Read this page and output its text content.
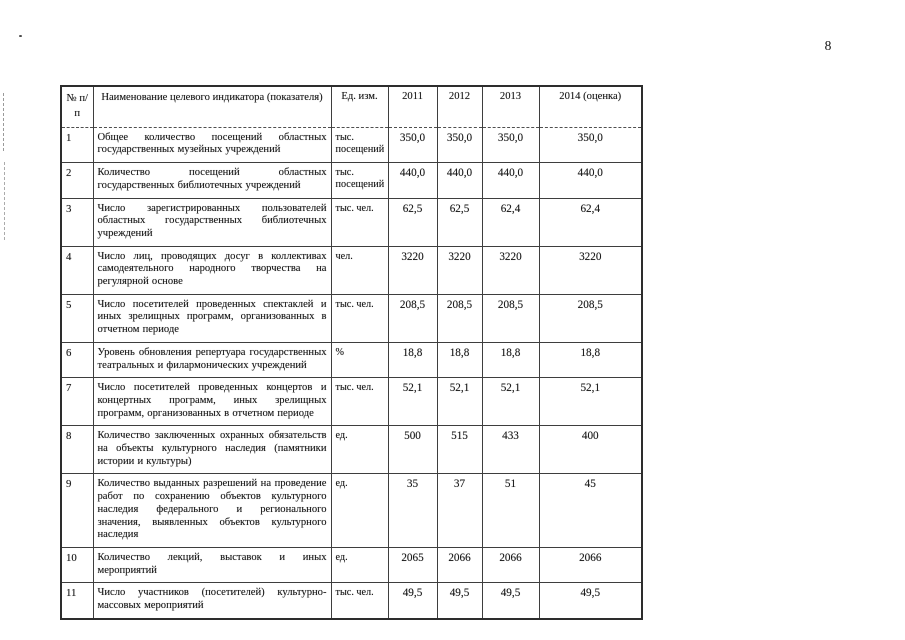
8
№ п/п	Наименование целевого индикатора (показателя)	Ед. изм.	2011	2012	2013	2014 (оценка)
1	Общее количество посещений областных государственных музейных учреждений	тыс. посещений	350,0	350,0	350,0	350,0
2	Количество посещений областных государственных библиотечных учреждений	тыс. посещений	440,0	440,0	440,0	440,0
3	Число зарегистрированных пользователей областных государственных библиотечных учреждений	тыс. чел.	62,5	62,5	62,4	62,4
4	Число лиц, проводящих досуг в коллективах самодеятельного народного творчества на регулярной основе	чел.	3220	3220	3220	3220
5	Число посетителей проведенных спектаклей и иных зрелищных программ, организованных в отчетном периоде	тыс. чел.	208,5	208,5	208,5	208,5
6	Уровень обновления репертуара государственных театральных и филармонических учреждений	%	18,8	18,8	18,8	18,8
7	Число посетителей проведенных концертов и концертных программ, иных зрелищных программ, организованных в отчетном периоде	тыс. чел.	52,1	52,1	52,1	52,1
8	Количество заключенных охранных обязательств на объекты культурного наследия (памятники истории и культуры)	ед.	500	515	433	400
9	Количество выданных разрешений на проведение работ по сохранению объектов культурного наследия федерального и регионального значения, выявленных объектов культурного наследия	ед.	35	37	51	45
10	Количество лекций, выставок и иных мероприятий	ед.	2065	2066	2066	2066
11	Число участников (посетителей) культурно-массовых мероприятий	тыс. чел.	49,5	49,5	49,5	49,5
